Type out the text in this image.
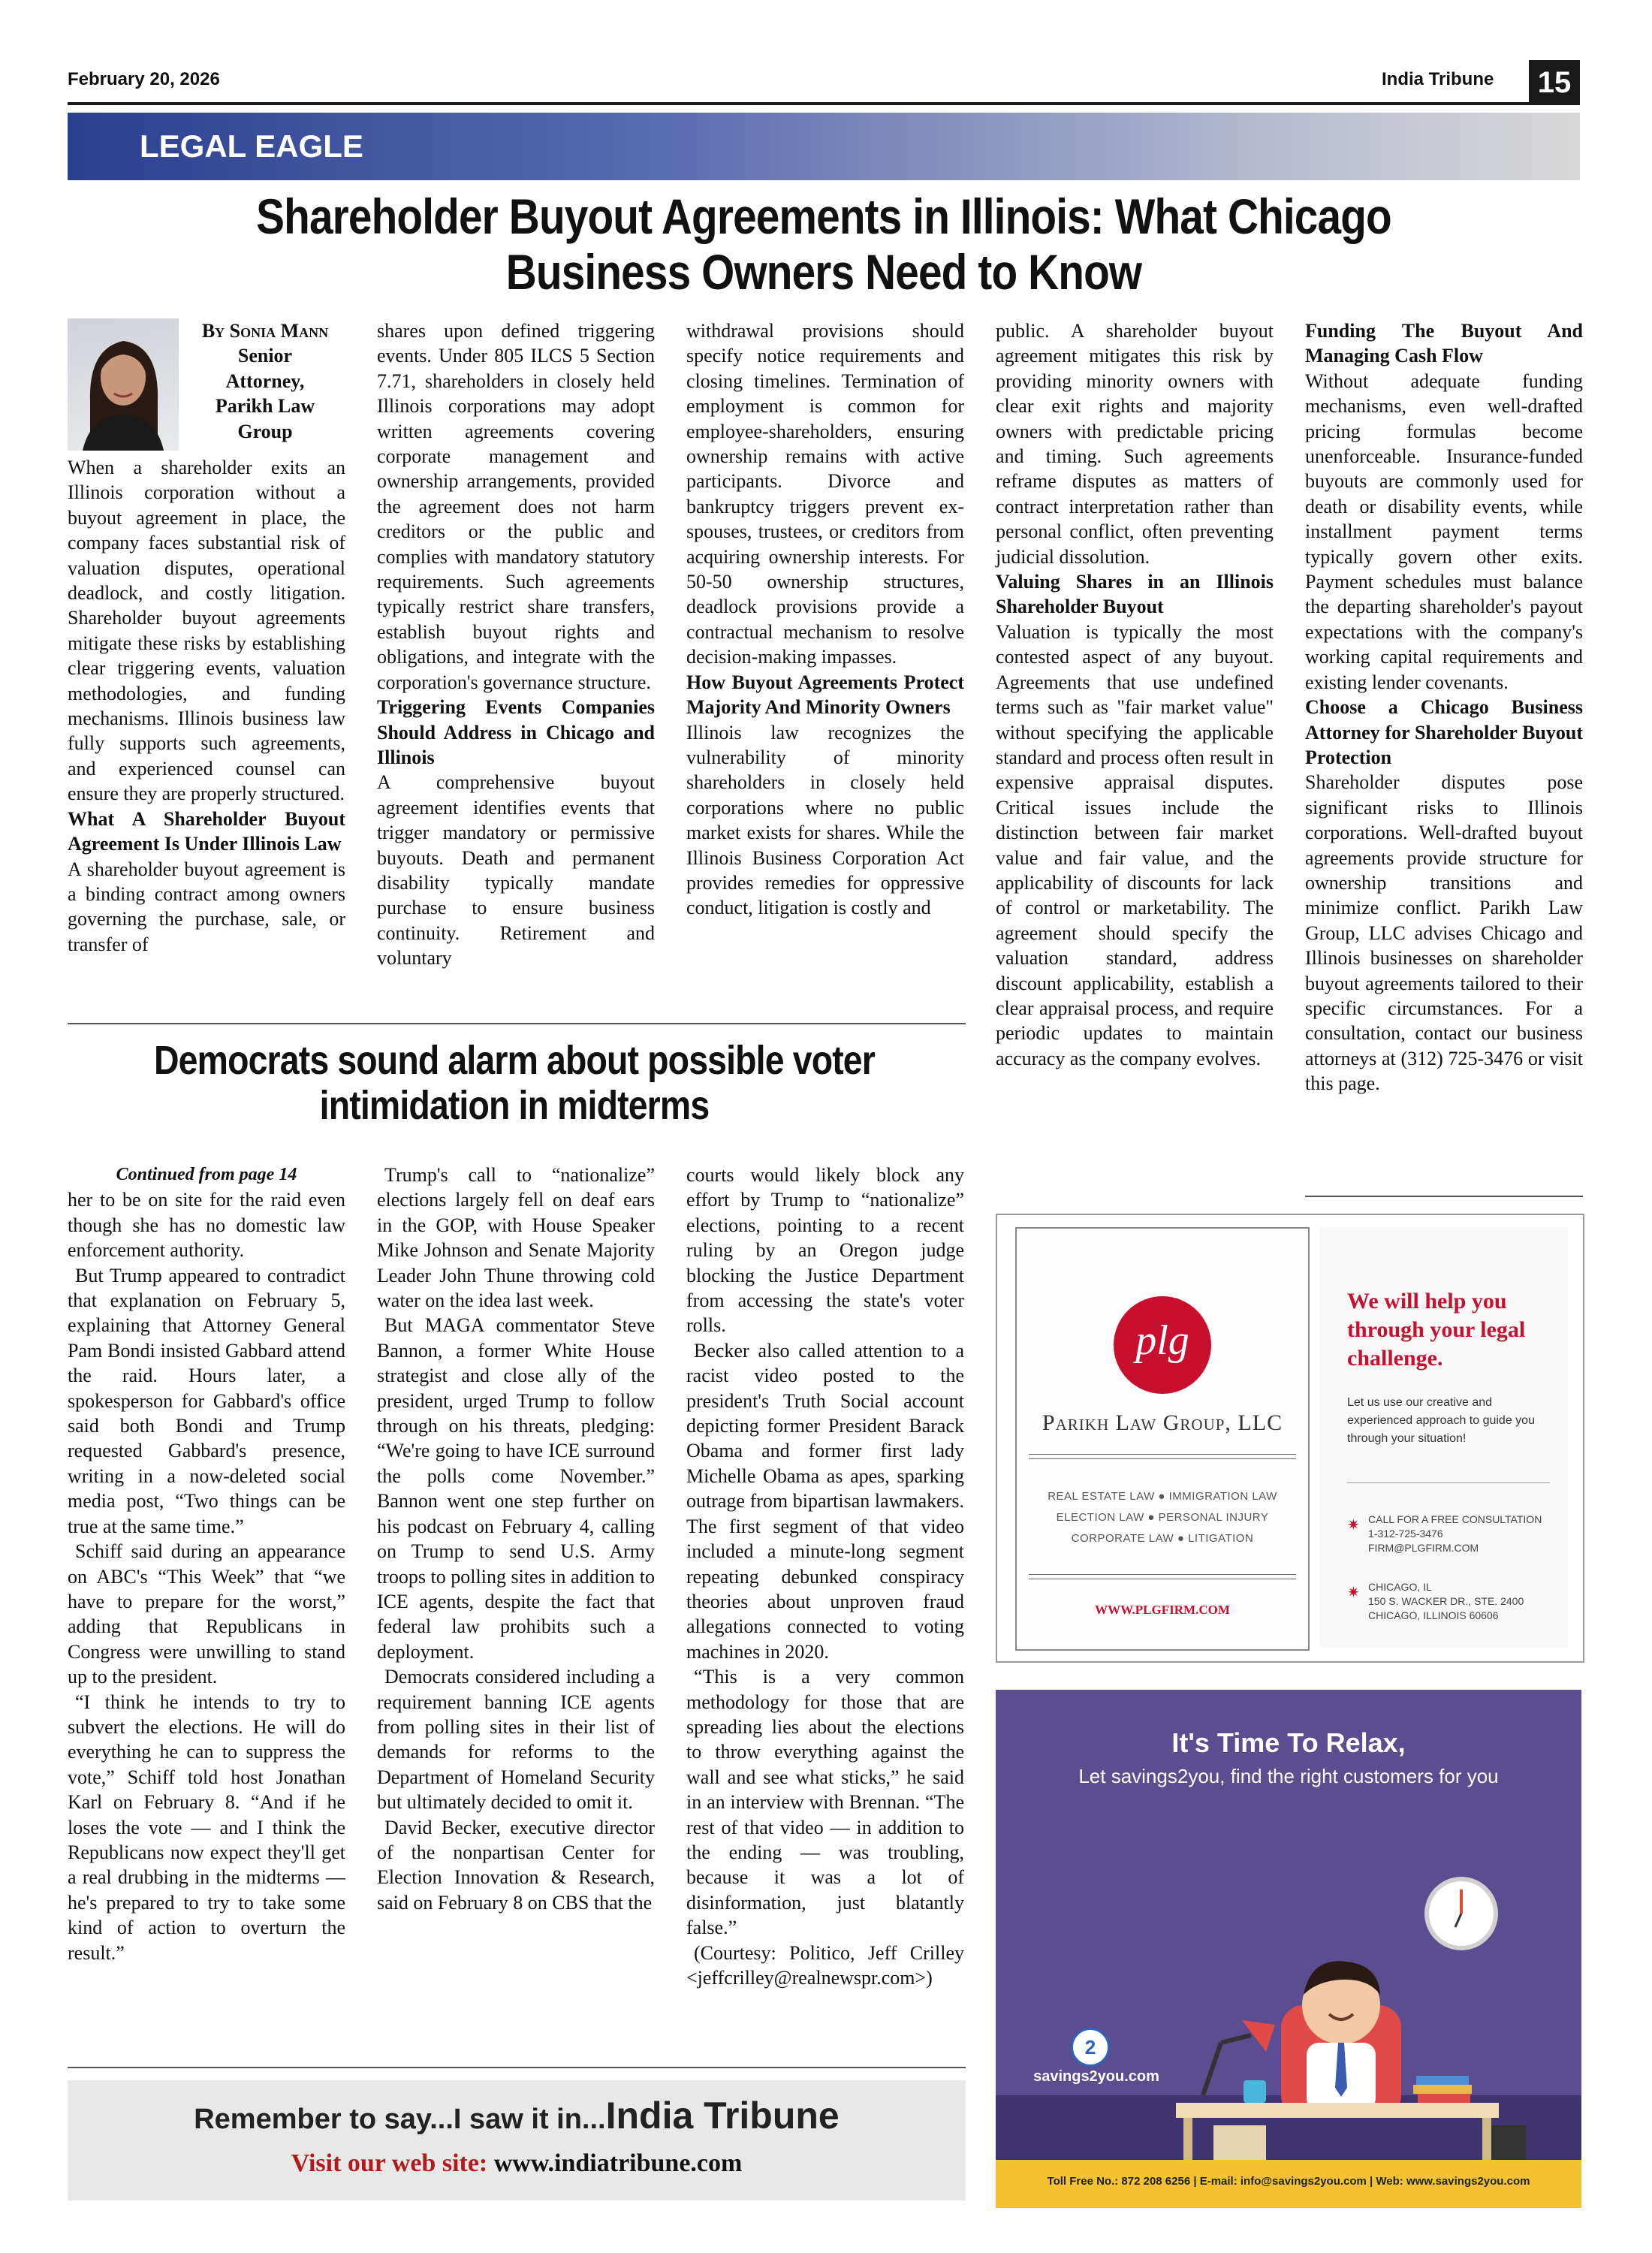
February 20, 2026	India Tribune 15
LEGAL EAGLE
Shareholder Buyout Agreements in Illinois: What Chicago Business Owners Need to Know
By Sonia Mann
Senior
Attorney,
Parikh Law
Group

When a shareholder exits an Illinois corporation without a buyout agreement in place, the company faces substantial risk of valuation disputes, operational deadlock, and costly litigation. Shareholder buyout agreements mitigate these risks by establishing clear triggering events, valuation methodologies, and funding mechanisms. Illinois business law fully supports such agreements, and experienced counsel can ensure they are properly structured.

What A Shareholder Buyout Agreement Is Under Illinois Law

A shareholder buyout agreement is a binding contract among owners governing the purchase, sale, or transfer of

shares upon defined triggering events. Under 805 ILCS 5 Section 7.71, shareholders in closely held Illinois corporations may adopt written agreements covering corporate management and ownership arrangements, provided the agreement does not harm creditors or the public and complies with mandatory statutory requirements. Such agreements typically restrict share transfers, establish buyout rights and obligations, and integrate with the corporation's governance structure.

Triggering Events Companies Should Address in Chicago and Illinois

A comprehensive buyout agreement identifies events that trigger mandatory or permissive buyouts. Death and permanent disability typically mandate purchase to ensure business continuity. Retirement and voluntary

withdrawal provisions should specify notice requirements and closing timelines. Termination of employment is common for employee-shareholders, ensuring ownership remains with active participants. Divorce and bankruptcy triggers prevent ex-spouses, trustees, or creditors from acquiring ownership interests. For 50-50 ownership structures, deadlock provisions provide a contractual mechanism to resolve decision-making impasses.

How Buyout Agreements Protect Majority And Minority Owners

Illinois law recognizes the vulnerability of minority shareholders in closely held corporations where no public market exists for shares. While the Illinois Business Corporation Act provides remedies for oppressive conduct, litigation is costly and

public. A shareholder buyout agreement mitigates this risk by providing minority owners with clear exit rights and majority owners with predictable pricing and timing. Such agreements reframe disputes as matters of contract interpretation rather than personal conflict, often preventing judicial dissolution.

Valuing Shares in an Illinois Shareholder Buyout

Valuation is typically the most contested aspect of any buyout. Agreements that use undefined terms such as "fair market value" without specifying the applicable standard and process often result in expensive appraisal disputes. Critical issues include the distinction between fair market value and fair value, and the applicability of discounts for lack of control or marketability. The agreement should specify the valuation standard, address discount applicability, establish a clear appraisal process, and require periodic updates to maintain accuracy as the company evolves.

Funding The Buyout And Managing Cash Flow

Without adequate funding mechanisms, even well-drafted pricing formulas become unenforceable. Insurance-funded buyouts are commonly used for death or disability events, while installment payment terms typically govern other exits. Payment schedules must balance the departing shareholder's payout expectations with the company's working capital requirements and existing lender covenants.

Choose a Chicago Business Attorney for Shareholder Buyout Protection

Shareholder disputes pose significant risks to Illinois corporations. Well-drafted buyout agreements provide structure for ownership transitions and minimize conflict. Parikh Law Group, LLC advises Chicago and Illinois businesses on shareholder buyout agreements tailored to their specific circumstances. For a consultation, contact our business attorneys at (312) 725-3476 or visit this page.

Democrats sound alarm about possible voter intimidation in midterms
Continued from page 14

her to be on site for the raid even though she has no domestic law enforcement authority.

But Trump appeared to contradict that explanation on February 5, explaining that Attorney General Pam Bondi insisted Gabbard attend the raid. Hours later, a spokesperson for Gabbard's office said both Bondi and Trump requested Gabbard's presence, writing in a now-deleted social media post, “Two things can be true at the same time.”

Schiff said during an appearance on ABC's “This Week” that “we have to prepare for the worst,” adding that Republicans in Congress were unwilling to stand up to the president.

“I think he intends to try to subvert the elections. He will do everything he can to suppress the vote,” Schiff told host Jonathan Karl on February 8. “And if he loses the vote — and I think the Republicans now expect they'll get a real drubbing in the midterms — he's prepared to try to take some kind of action to overturn the result.”

Trump's call to “nationalize” elections largely fell on deaf ears in the GOP, with House Speaker Mike Johnson and Senate Majority Leader John Thune throwing cold water on the idea last week.

But MAGA commentator Steve Bannon, a former White House strategist and close ally of the president, urged Trump to follow through on his threats, pledging: “We're going to have ICE surround the polls come November.” Bannon went one step further on his podcast on February 4, calling on Trump to send U.S. Army troops to polling sites in addition to ICE agents, despite the fact that federal law prohibits such a deployment.

Democrats considered including a requirement banning ICE agents from polling sites in their list of demands for reforms to the Department of Homeland Security but ultimately decided to omit it.

David Becker, executive director of the nonpartisan Center for Election Innovation & Research, said on February 8 on CBS that the

courts would likely block any effort by Trump to “nationalize” elections, pointing to a recent ruling by an Oregon judge blocking the Justice Department from accessing the state's voter rolls.

Becker also called attention to a racist video posted to the president's Truth Social account depicting former President Barack Obama and former first lady Michelle Obama as apes, sparking outrage from bipartisan lawmakers. The first segment of that video included a minute-long segment repeating debunked conspiracy theories about unproven fraud allegations connected to voting machines in 2020.

“This is a very common methodology for those that are spreading lies about the elections to throw everything against the wall and see what sticks,” he said in an interview with Brennan. “The rest of that video — in addition to the ending — was troubling, because it was a lot of disinformation, just blatantly false.”

(Courtesy: Politico, Jeff Crilley <jeffcrilley@realnewspr.com>)

Remember to say...I saw it in...India Tribune
Visit our web site: www.indiatribune.com
plg
Parikh Law Group, LLC
REAL ESTATE LAW ● IMMIGRATION LAW
ELECTION LAW ● PERSONAL INJURY
CORPORATE LAW ● LITIGATION
WWW.PLGFIRM.COM
We will help you through your legal challenge.
Let us use our creative and experienced approach to guide you through your situation!
✷ CALL FOR A FREE CONSULTATION
1-312-725-3476
FIRM@PLGFIRM.COM
✷ CHICAGO, IL
150 S. WACKER DR., STE. 2400
CHICAGO, ILLINOIS 60606
It's Time To Relax,
Let savings2you, find the right customers for you
2
savings2you.com
Toll Free No.: 872 208 6256 | E-mail: info@savings2you.com | Web: www.savings2you.com
